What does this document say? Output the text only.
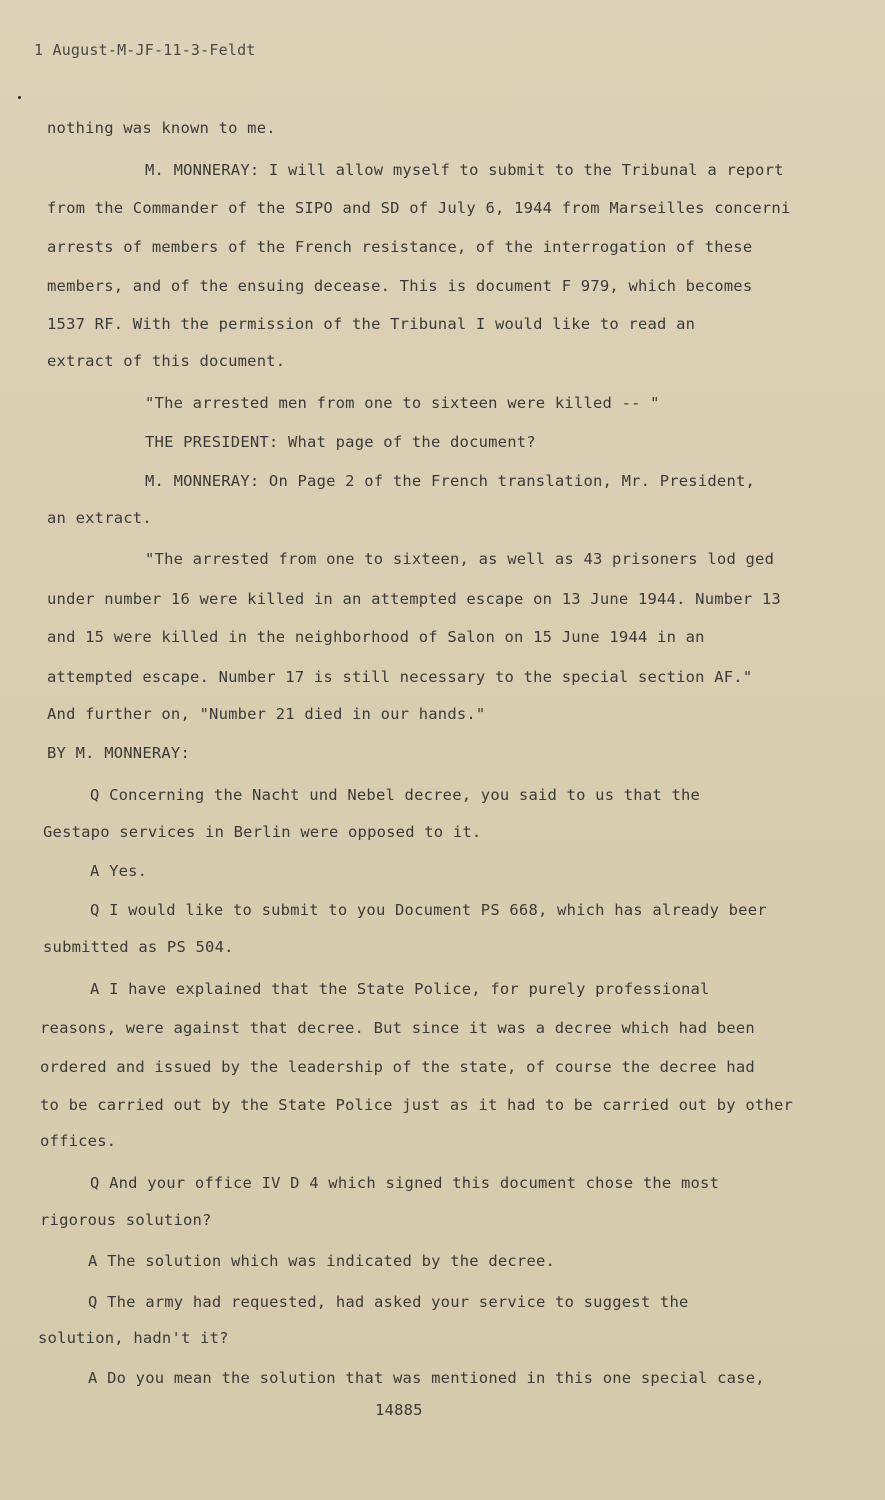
1 August-M-JF-11-3-Feldt
nothing was known to me.
M. MONNERAY: I will allow myself to submit to the Tribunal a report
from the Commander of the SIPO and SD of July 6, 1944 from Marseilles concerni
arrests of members of the French resistance, of the interrogation of these
members, and of the ensuing decease. This is document F 979, which becomes
1537 RF. With the permission of the Tribunal I would like to read an
extract of this document.
"The arrested men from one to sixteen were killed -- "
THE PRESIDENT: What page of the document?
M. MONNERAY: On Page 2 of the French translation, Mr. President,
an extract.
"The arrested from one to sixteen, as well as 43 prisoners lod ged
under number 16 were killed in an attempted escape on 13 June 1944. Number 13
and 15 were killed in the neighborhood of Salon on 15 June 1944 in an
attempted escape. Number 17 is still necessary to the special section AF."
And further on, "Number 21 died in our hands."
BY M. MONNERAY:
Q Concerning the Nacht und Nebel decree, you said to us that the
Gestapo services in Berlin were opposed to it.
A Yes.
Q I would like to submit to you Document PS 668, which has already beer
submitted as PS 504.
A I have explained that the State Police, for purely professional
reasons, were against that decree. But since it was a decree which had been
ordered and issued by the leadership of the state, of course the decree had
to be carried out by the State Police just as it had to be carried out by other
offices.
Q And your office IV D 4 which signed this document chose the most
rigorous solution?
A The solution which was indicated by the decree.
Q The army had requested, had asked your service to suggest the
solution, hadn't it?
A Do you mean the solution that was mentioned in this one special case,
14885
